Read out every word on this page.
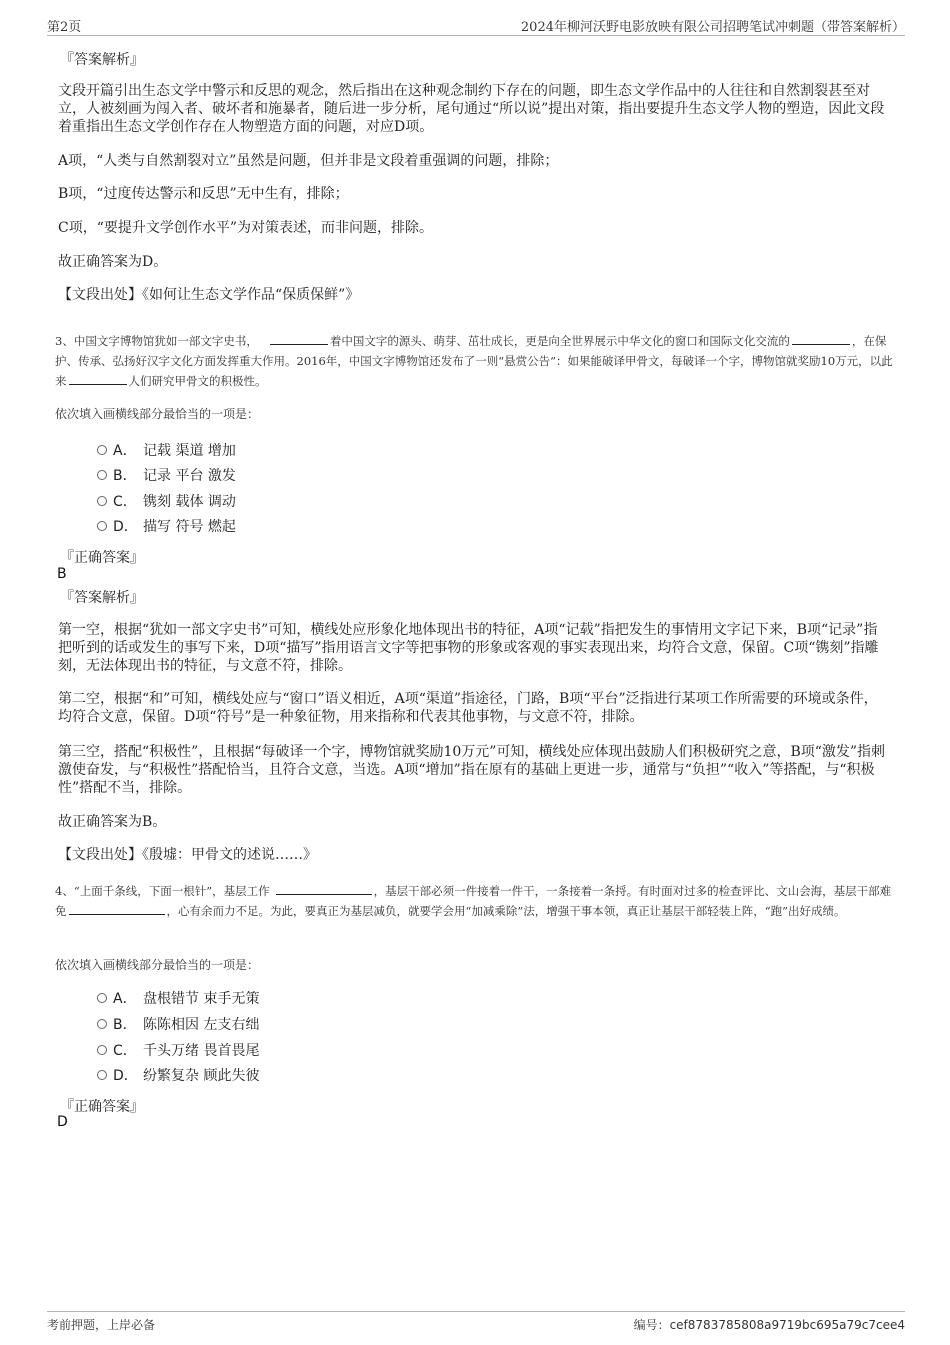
第2页	2024年柳河沃野电影放映有限公司招聘笔试冲刺题（带答案解析）
『答案解析』
文段开篇引出生态文学中警示和反思的观念，然后指出在这种观念制约下存在的问题，即生态文学作品中的人往往和自然割裂甚至对立，人被刻画为闯入者、破坏者和施暴者，随后进一步分析，尾句通过“所以说”提出对策，指出要提升生态文学人物的塑造，因此文段着重指出生态文学创作存在人物塑造方面的问题，对应D项。
A项，“人类与自然割裂对立”虽然是问题，但并非是文段着重强调的问题，排除；
B项，“过度传达警示和反思”无中生有，排除；
C项，“要提升文学创作水平”为对策表述，而非问题，排除。
故正确答案为D。
【文段出处】《如何让生态文学作品“保质保鲜”》
3、中国文字博物馆犹如一部文字史书，	着中国文字的源头、萌芽、茁壮成长，更是向全世界展示中华文化的窗口和国际文化交流的	，在保护、传承、弘扬好汉字文化方面发挥重大作用。2016年，中国文字博物馆还发布了一则“悬赏公告”：如果能破译甲骨文，每破译一个字，博物馆就奖励10万元，以此来	人们研究甲骨文的积极性。
依次填入画横线部分最恰当的一项是：
A． 记载 渠道 增加
B． 记录 平台 激发
C． 镌刻 载体 调动
D． 描写 符号 燃起
『正确答案』
B
『答案解析』
第一空，根据“犹如一部文字史书”可知，横线处应形象化地体现出书的特征，A项“记载”指把发生的事情用文字记下来，B项“记录”指把听到的话或发生的事写下来，D项“描写”指用语言文字等把事物的形象或客观的事实表现出来，均符合文意，保留。C项“镌刻”指雕刻，无法体现出书的特征，与文意不符，排除。
第二空，根据“和”可知，横线处应与“窗口”语义相近，A项“渠道”指途径，门路，B项“平台”泛指进行某项工作所需要的环境或条件，均符合文意，保留。D项“符号”是一种象征物，用来指称和代表其他事物，与文意不符，排除。
第三空，搭配“积极性”，且根据“每破译一个字，博物馆就奖励10万元”可知，横线处应体现出鼓励人们积极研究之意，B项“激发”指刺激使奋发，与“积极性”搭配恰当，且符合文意，当选。A项“增加”指在原有的基础上更进一步，通常与“负担”“收入”等搭配，与“积极性”搭配不当，排除。
故正确答案为B。
【文段出处】《殷墟：甲骨文的述说……》
4、“上面千条线，下面一根针”，基层工作	，基层干部必须一件接着一件干，一条接着一条捋。有时面对过多的检查评比、文山会海，基层干部难免	，心有余而力不足。为此，要真正为基层减负，就要学会用“加减乘除”法，增强干事本领，真正让基层干部轻装上阵，“跑”出好成绩。
依次填入画横线部分最恰当的一项是：
A． 盘根错节 束手无策
B． 陈陈相因 左支右绌
C． 千头万绪 畏首畏尾
D． 纷繁复杂 顾此失彼
『正确答案』
D
考前押题，上岸必备	编号：cef8783785808a9719bc695a79c7cee4
